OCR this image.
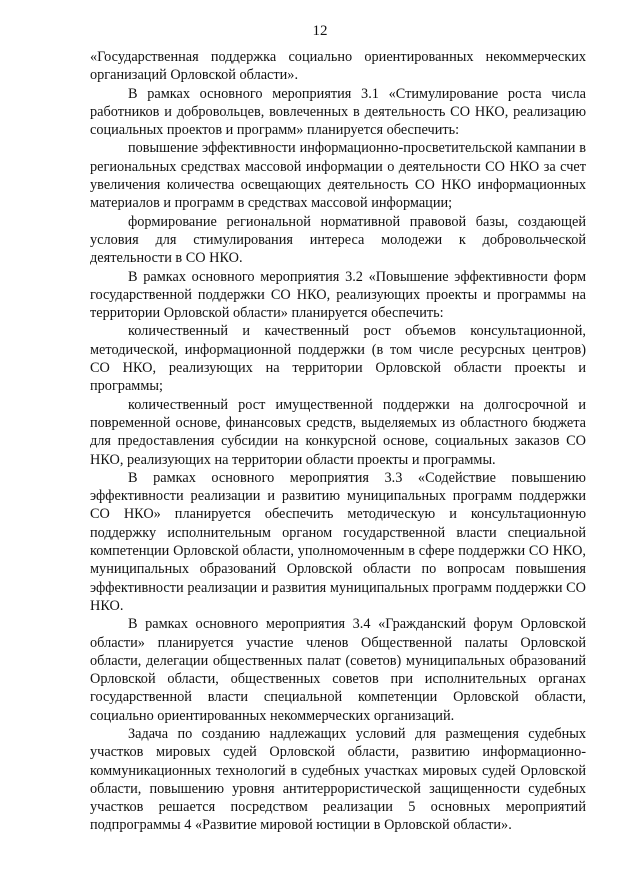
12

«Государственная поддержка социально ориентированных некоммерческих организаций Орловской области».

В рамках основного мероприятия 3.1 «Стимулирование роста числа работников и добровольцев, вовлеченных в деятельность СО НКО, реализацию социальных проектов и программ» планируется обеспечить:

повышение эффективности информационно-просветительской кампании в региональных средствах массовой информации о деятельности СО НКО за счет увеличения количества освещающих деятельность СО НКО информационных материалов и программ в средствах массовой информации;

формирование региональной нормативной правовой базы, создающей условия для стимулирования интереса молодежи к добровольческой деятельности в СО НКО.

В рамках основного мероприятия 3.2 «Повышение эффективности форм государственной поддержки СО НКО, реализующих проекты и программы на территории Орловской области» планируется обеспечить:

количественный и качественный рост объемов консультационной, методической, информационной поддержки (в том числе ресурсных центров) СО НКО, реализующих на территории Орловской области проекты и программы;

количественный рост имущественной поддержки на долгосрочной и повременной основе, финансовых средств, выделяемых из областного бюджета для предоставления субсидии на конкурсной основе, социальных заказов СО НКО, реализующих на территории области проекты и программы.

В рамках основного мероприятия 3.3 «Содействие повышению эффективности реализации и развитию муниципальных программ поддержки СО НКО» планируется обеспечить методическую и консультационную поддержку исполнительным органом государственной власти специальной компетенции Орловской области, уполномоченным в сфере поддержки СО НКО, муниципальных образований Орловской области по вопросам повышения эффективности реализации и развития муниципальных программ поддержки СО НКО.

В рамках основного мероприятия 3.4 «Гражданский форум Орловской области» планируется участие членов Общественной палаты Орловской области, делегации общественных палат (советов) муниципальных образований Орловской области, общественных советов при исполнительных органах государственной власти специальной компетенции Орловской области, социально ориентированных некоммерческих организаций.

Задача по созданию надлежащих условий для размещения судебных участков мировых судей Орловской области, развитию информационно-коммуникационных технологий в судебных участках мировых судей Орловской области, повышению уровня антитеррористической защищенности судебных участков решается посредством реализации 5 основных мероприятий подпрограммы 4 «Развитие мировой юстиции в Орловской области».
